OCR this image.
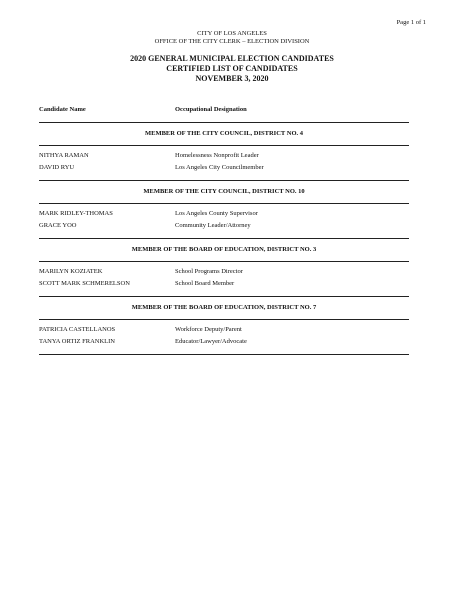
Page 1 of 1
CITY OF LOS ANGELES
OFFICE OF THE CITY CLERK – ELECTION DIVISION
2020 GENERAL MUNICIPAL ELECTION CANDIDATES
CERTIFIED LIST OF CANDIDATES
NOVEMBER 3, 2020
Candidate Name	Occupational Designation
MEMBER OF THE CITY COUNCIL, DISTRICT NO. 4
NITHYA RAMAN	Homelessness Nonprofit Leader
DAVID RYU	Los Angeles City Councilmember
MEMBER OF THE CITY COUNCIL, DISTRICT NO. 10
MARK RIDLEY-THOMAS	Los Angeles County Supervisor
GRACE YOO	Community Leader/Attorney
MEMBER OF THE BOARD OF EDUCATION, DISTRICT NO. 3
MARILYN KOZIATEK	School Programs Director
SCOTT MARK SCHMERELSON	School Board Member
MEMBER OF THE BOARD OF EDUCATION, DISTRICT NO. 7
PATRICIA CASTELLANOS	Workforce Deputy/Parent
TANYA ORTIZ FRANKLIN	Educator/Lawyer/Advocate
